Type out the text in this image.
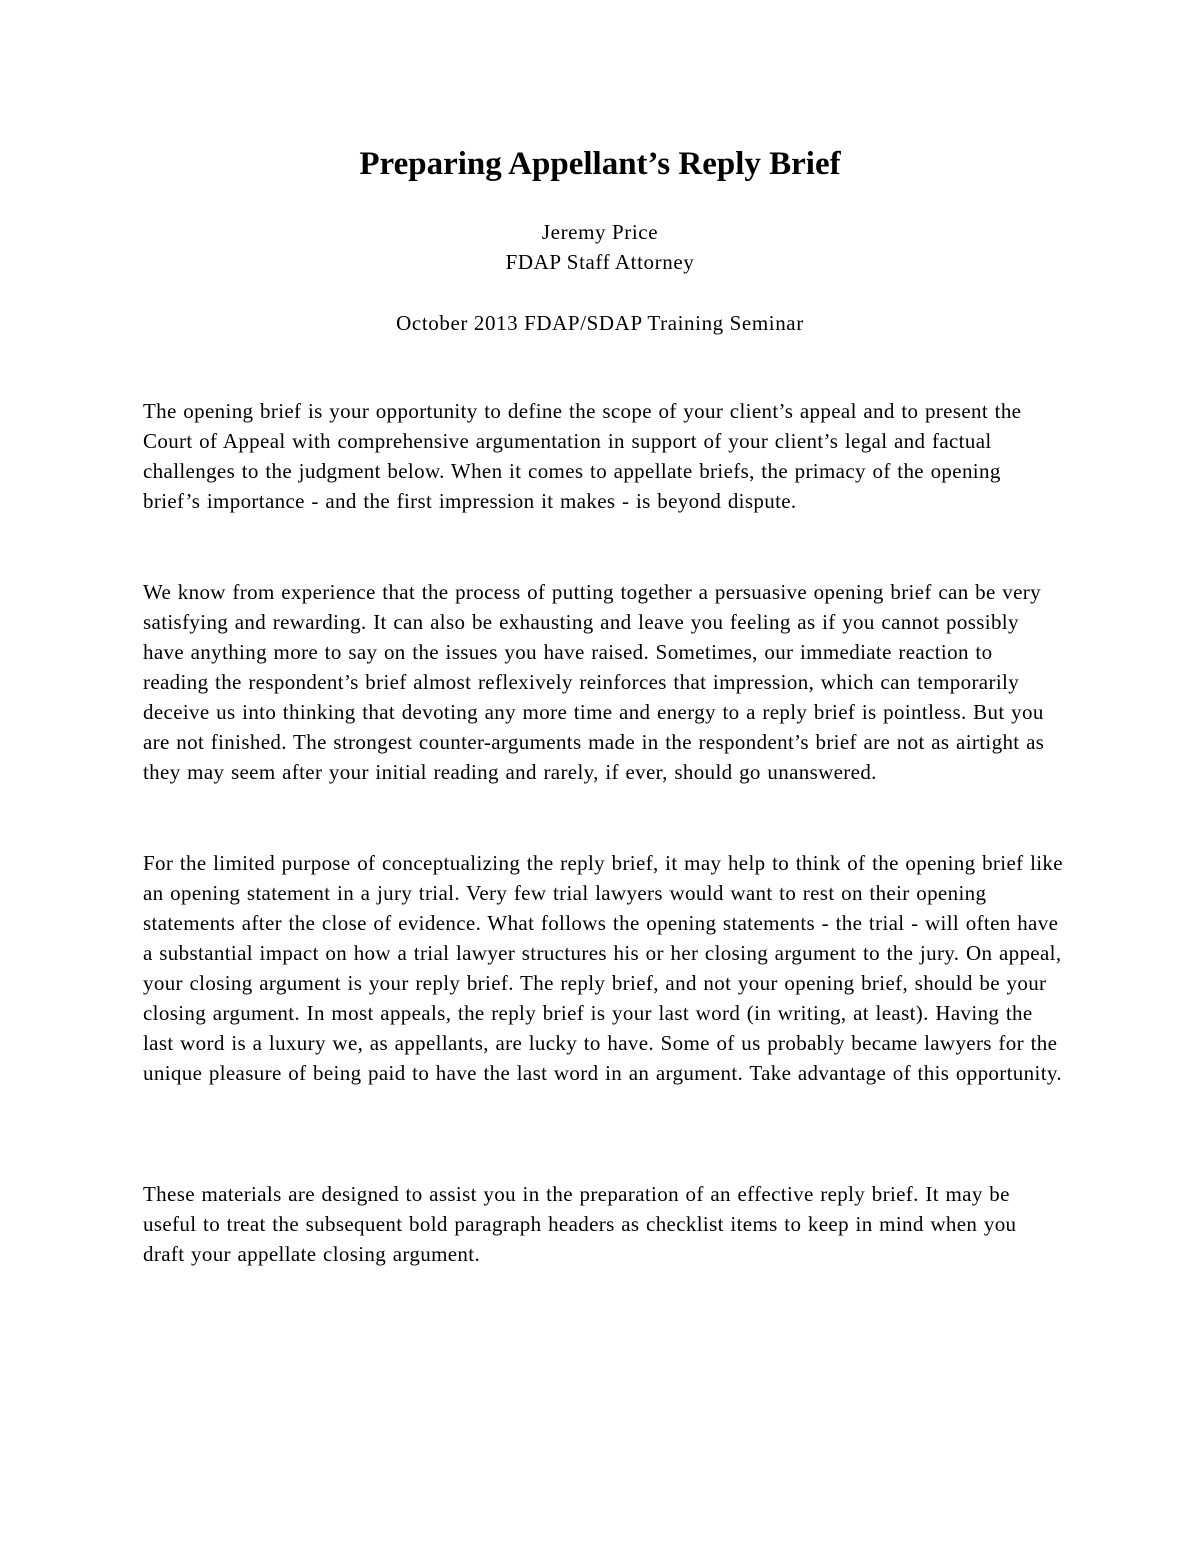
Preparing Appellant’s Reply Brief

Jeremy Price

FDAP Staff Attorney

October 2013 FDAP/SDAP Training Seminar

The opening brief is your opportunity to define the scope of your client’s appeal and to present the Court of Appeal with comprehensive argumentation in support of your client’s legal and factual challenges to the judgment below. When it comes to appellate briefs, the primacy of the opening brief’s importance - and the first impression it makes - is beyond dispute.

We know from experience that the process of putting together a persuasive opening brief can be very satisfying and rewarding. It can also be exhausting and leave you feeling as if you cannot possibly have anything more to say on the issues you have raised. Sometimes, our immediate reaction to reading the respondent’s brief almost reflexively reinforces that impression, which can temporarily deceive us into thinking that devoting any more time and energy to a reply brief is pointless. But you are not finished. The strongest counter-arguments made in the respondent’s brief are not as airtight as they may seem after your initial reading and rarely, if ever, should go unanswered.

For the limited purpose of conceptualizing the reply brief, it may help to think of the opening brief like an opening statement in a jury trial. Very few trial lawyers would want to rest on their opening statements after the close of evidence. What follows the opening statements - the trial - will often have a substantial impact on how a trial lawyer structures his or her closing argument to the jury. On appeal, your closing argument is your reply brief. The reply brief, and not your opening brief, should be your closing argument. In most appeals, the reply brief is your last word (in writing, at least). Having the last word is a luxury we, as appellants, are lucky to have. Some of us probably became lawyers for the unique pleasure of being paid to have the last word in an argument. Take advantage of this opportunity.

These materials are designed to assist you in the preparation of an effective reply brief. It may be useful to treat the subsequent bold paragraph headers as checklist items to keep in mind when you draft your appellate closing argument.
